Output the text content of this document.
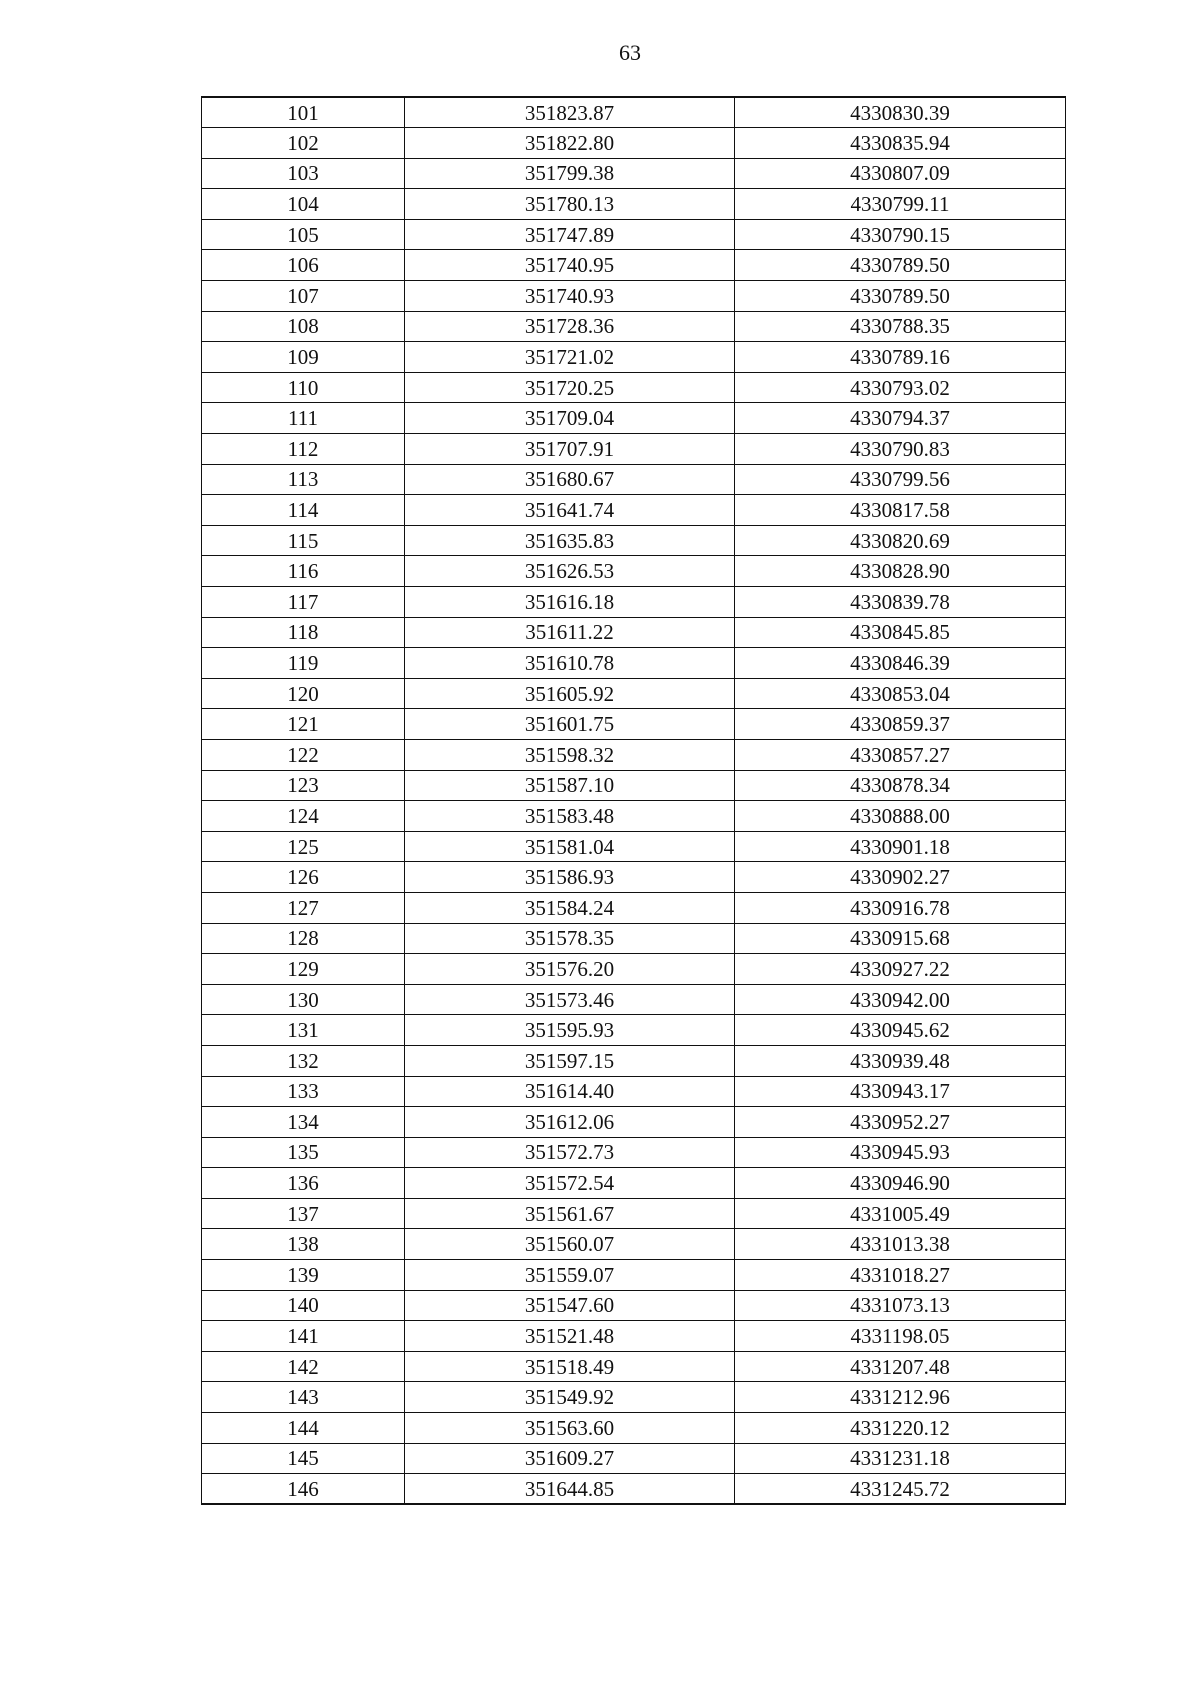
63
101	351823.87	4330830.39
102	351822.80	4330835.94
103	351799.38	4330807.09
104	351780.13	4330799.11
105	351747.89	4330790.15
106	351740.95	4330789.50
107	351740.93	4330789.50
108	351728.36	4330788.35
109	351721.02	4330789.16
110	351720.25	4330793.02
111	351709.04	4330794.37
112	351707.91	4330790.83
113	351680.67	4330799.56
114	351641.74	4330817.58
115	351635.83	4330820.69
116	351626.53	4330828.90
117	351616.18	4330839.78
118	351611.22	4330845.85
119	351610.78	4330846.39
120	351605.92	4330853.04
121	351601.75	4330859.37
122	351598.32	4330857.27
123	351587.10	4330878.34
124	351583.48	4330888.00
125	351581.04	4330901.18
126	351586.93	4330902.27
127	351584.24	4330916.78
128	351578.35	4330915.68
129	351576.20	4330927.22
130	351573.46	4330942.00
131	351595.93	4330945.62
132	351597.15	4330939.48
133	351614.40	4330943.17
134	351612.06	4330952.27
135	351572.73	4330945.93
136	351572.54	4330946.90
137	351561.67	4331005.49
138	351560.07	4331013.38
139	351559.07	4331018.27
140	351547.60	4331073.13
141	351521.48	4331198.05
142	351518.49	4331207.48
143	351549.92	4331212.96
144	351563.60	4331220.12
145	351609.27	4331231.18
146	351644.85	4331245.72
